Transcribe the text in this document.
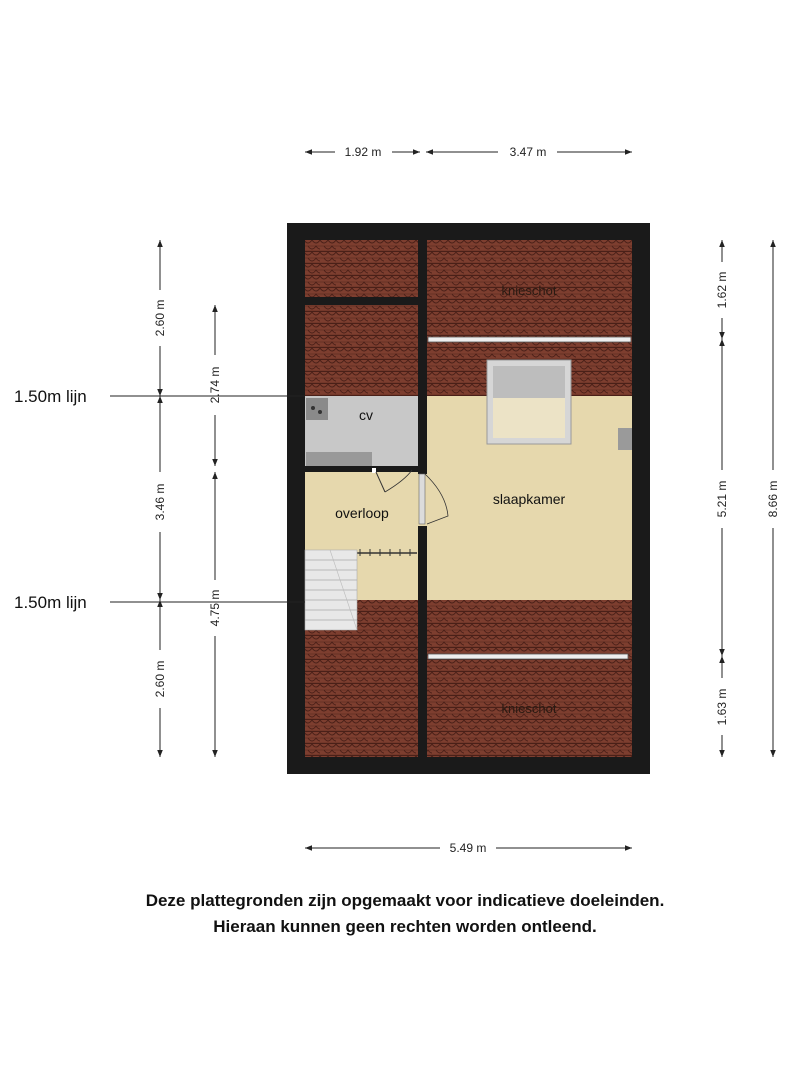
knieschot
knieschot
cv
slaapkamer
overloop
1.50m lijn
1.50m lijn
1.92 m	3.47 m
5.49 m
2.60 m
3.46 m
2.60 m
2.74 m
4.75 m
1.62 m
5.21 m
1.63 m
8.66 m
Deze plattegronden zijn opgemaakt voor indicatieve doeleinden.
Hieraan kunnen geen rechten worden ontleend.
